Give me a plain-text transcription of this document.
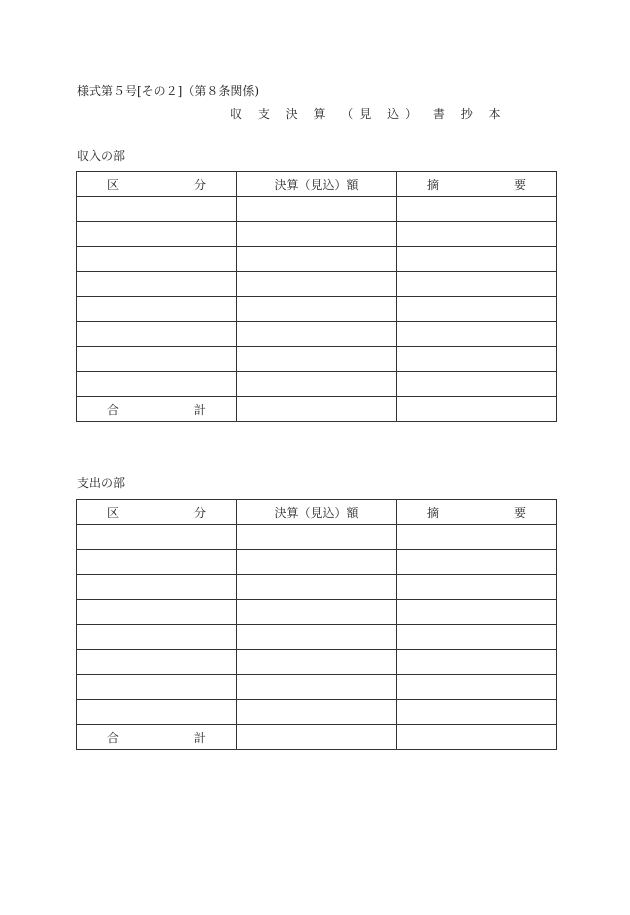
様式第５号[その２]（第８条関係)
収 支 決 算 （見 込） 書 抄 本
収入の部
区 分	決算（見込）額	摘 要

合 計		

支出の部
区 分	決算（見込）額	摘 要

合 計		
